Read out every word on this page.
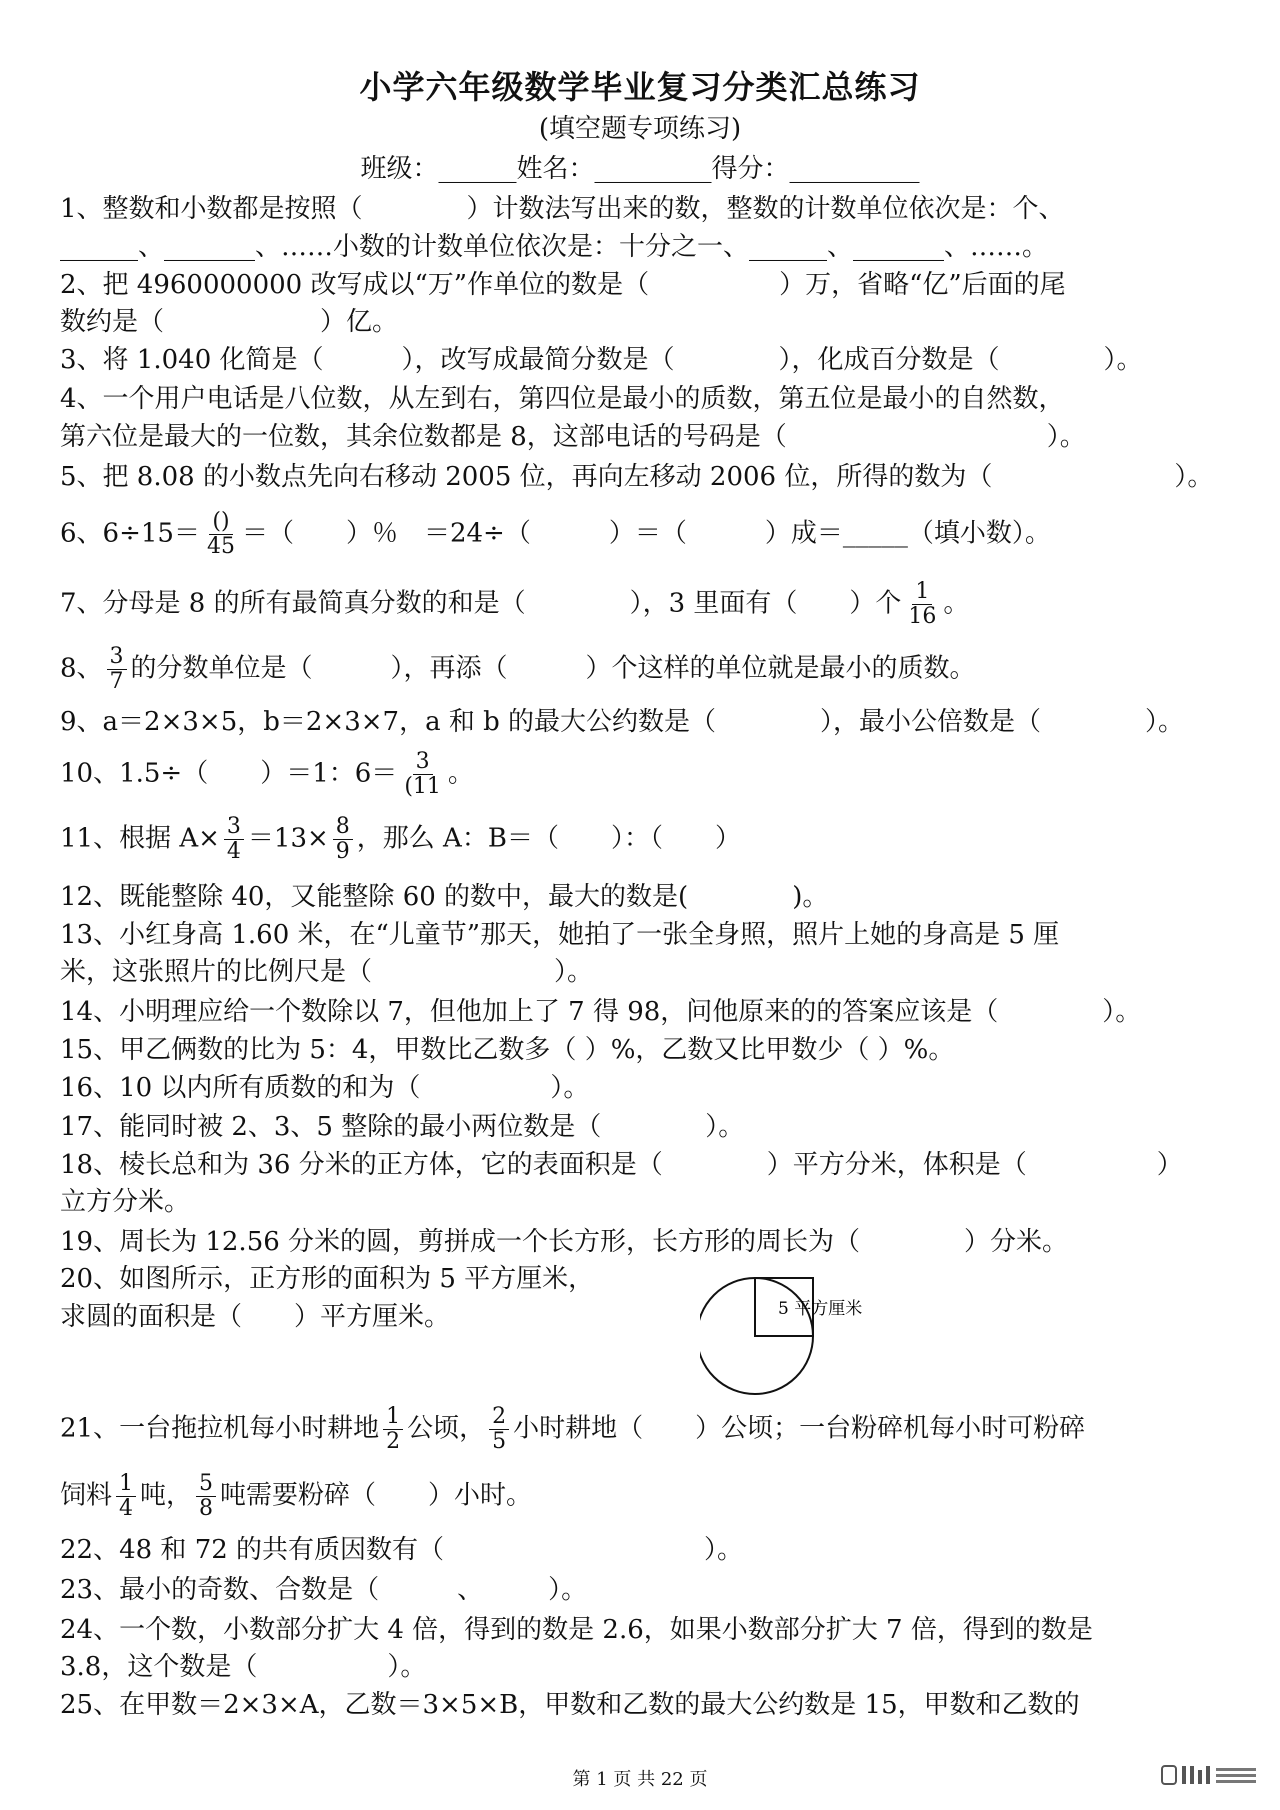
小学六年级数学毕业复习分类汇总练习
(填空题专项练习)
班级：______姓名：_________得分：__________
1、整数和小数都是按照（　　　　）计数法写出来的数，整数的计数单位依次是：个、
______、_______、……小数的计数单位依次是：十分之一、______、_______、……。
2、把 4960000000 改写成以“万”作单位的数是（　　　　　）万，省略“亿”后面的尾
数约是（　　　　　　）亿。
3、将 1.040 化简是（　　　），改写成最简分数是（　　　　），化成百分数是（　　　　）。
4、一个用户电话是八位数，从左到右，第四位是最小的质数，第五位是最小的自然数，
第六位是最大的一位数，其余位数都是 8，这部电话的号码是（　　　　　　　　　　）。
5、把 8.08 的小数点先向右移动 2005 位，再向左移动 2006 位，所得的数为（　　　　　　　）。
6、$6\div 15= \frac{()}{45}$ ＝（　　）％　＝24÷（　　　）＝（　　　）成＝_____（填小数）。
7、分母是 8 的所有最简真分数的和是（　　　　），3 里面有（　　）个 $\frac{1}{16}$ 。
8、 $\frac{3}{7}$ 的分数单位是（　　　），再添（　　　）个这样的单位就是最小的质数。
9、a＝2×3×5，b＝2×3×7，a 和 b 的最大公约数是（　　　　），最小公倍数是（　　　　）。
10、1.5÷（　　）＝1：$6= \frac{3}{(11}$ 。
11、根据 $A\times \frac{3}{4} =13\times \frac{8}{9}$ ，那么 A：B＝（　　）：（　　）
12、既能整除 40，又能整除 60 的数中，最大的数是(　　　　)。
13、小红身高 1.60 米，在“儿童节”那天，她拍了一张全身照，照片上她的身高是 5 厘
米，这张照片的比例尺是（　　　　　　　）。
14、小明理应给一个数除以 7，但他加上了 7 得 98，问他原来的的答案应该是（　　　　）。
15、甲乙俩数的比为 5：4，甲数比乙数多（ ）%，乙数又比甲数少（ ）%。
16、10 以内所有质数的和为（　　　　　）。
17、能同时被 2、3、5 整除的最小两位数是（　　　　）。
18、棱长总和为 36 分米的正方体，它的表面积是（　　　　）平方分米，体积是（　　　　　）
立方分米。
19、周长为 12.56 分米的圆，剪拼成一个长方形，长方形的周长为（　　　　）分米。
20、如图所示，正方形的面积为 5 平方厘米，
求圆的面积是（　　）平方厘米。	5 平方厘米
21、一台拖拉机每小时耕地 $\frac{1}{2}$ 公顷， $\frac{2}{5}$ 小时耕地（　　）公顷；一台粉碎机每小时可粉碎
饲料 $\frac{1}{4}$ 吨， $\frac{5}{8}$ 吨需要粉碎（　　）小时。
22、48 和 72 的共有质因数有（　　　　　　　　　　）。
23、最小的奇数、合数是（　　　、　　　）。
24、一个数，小数部分扩大 4 倍，得到的数是 2.6，如果小数部分扩大 7 倍，得到的数是
3.8，这个数是（　　　　　）。
25、在甲数＝2×3×A，乙数＝3×5×B，甲数和乙数的最大公约数是 15，甲数和乙数的
第 1 页 共 22 页
